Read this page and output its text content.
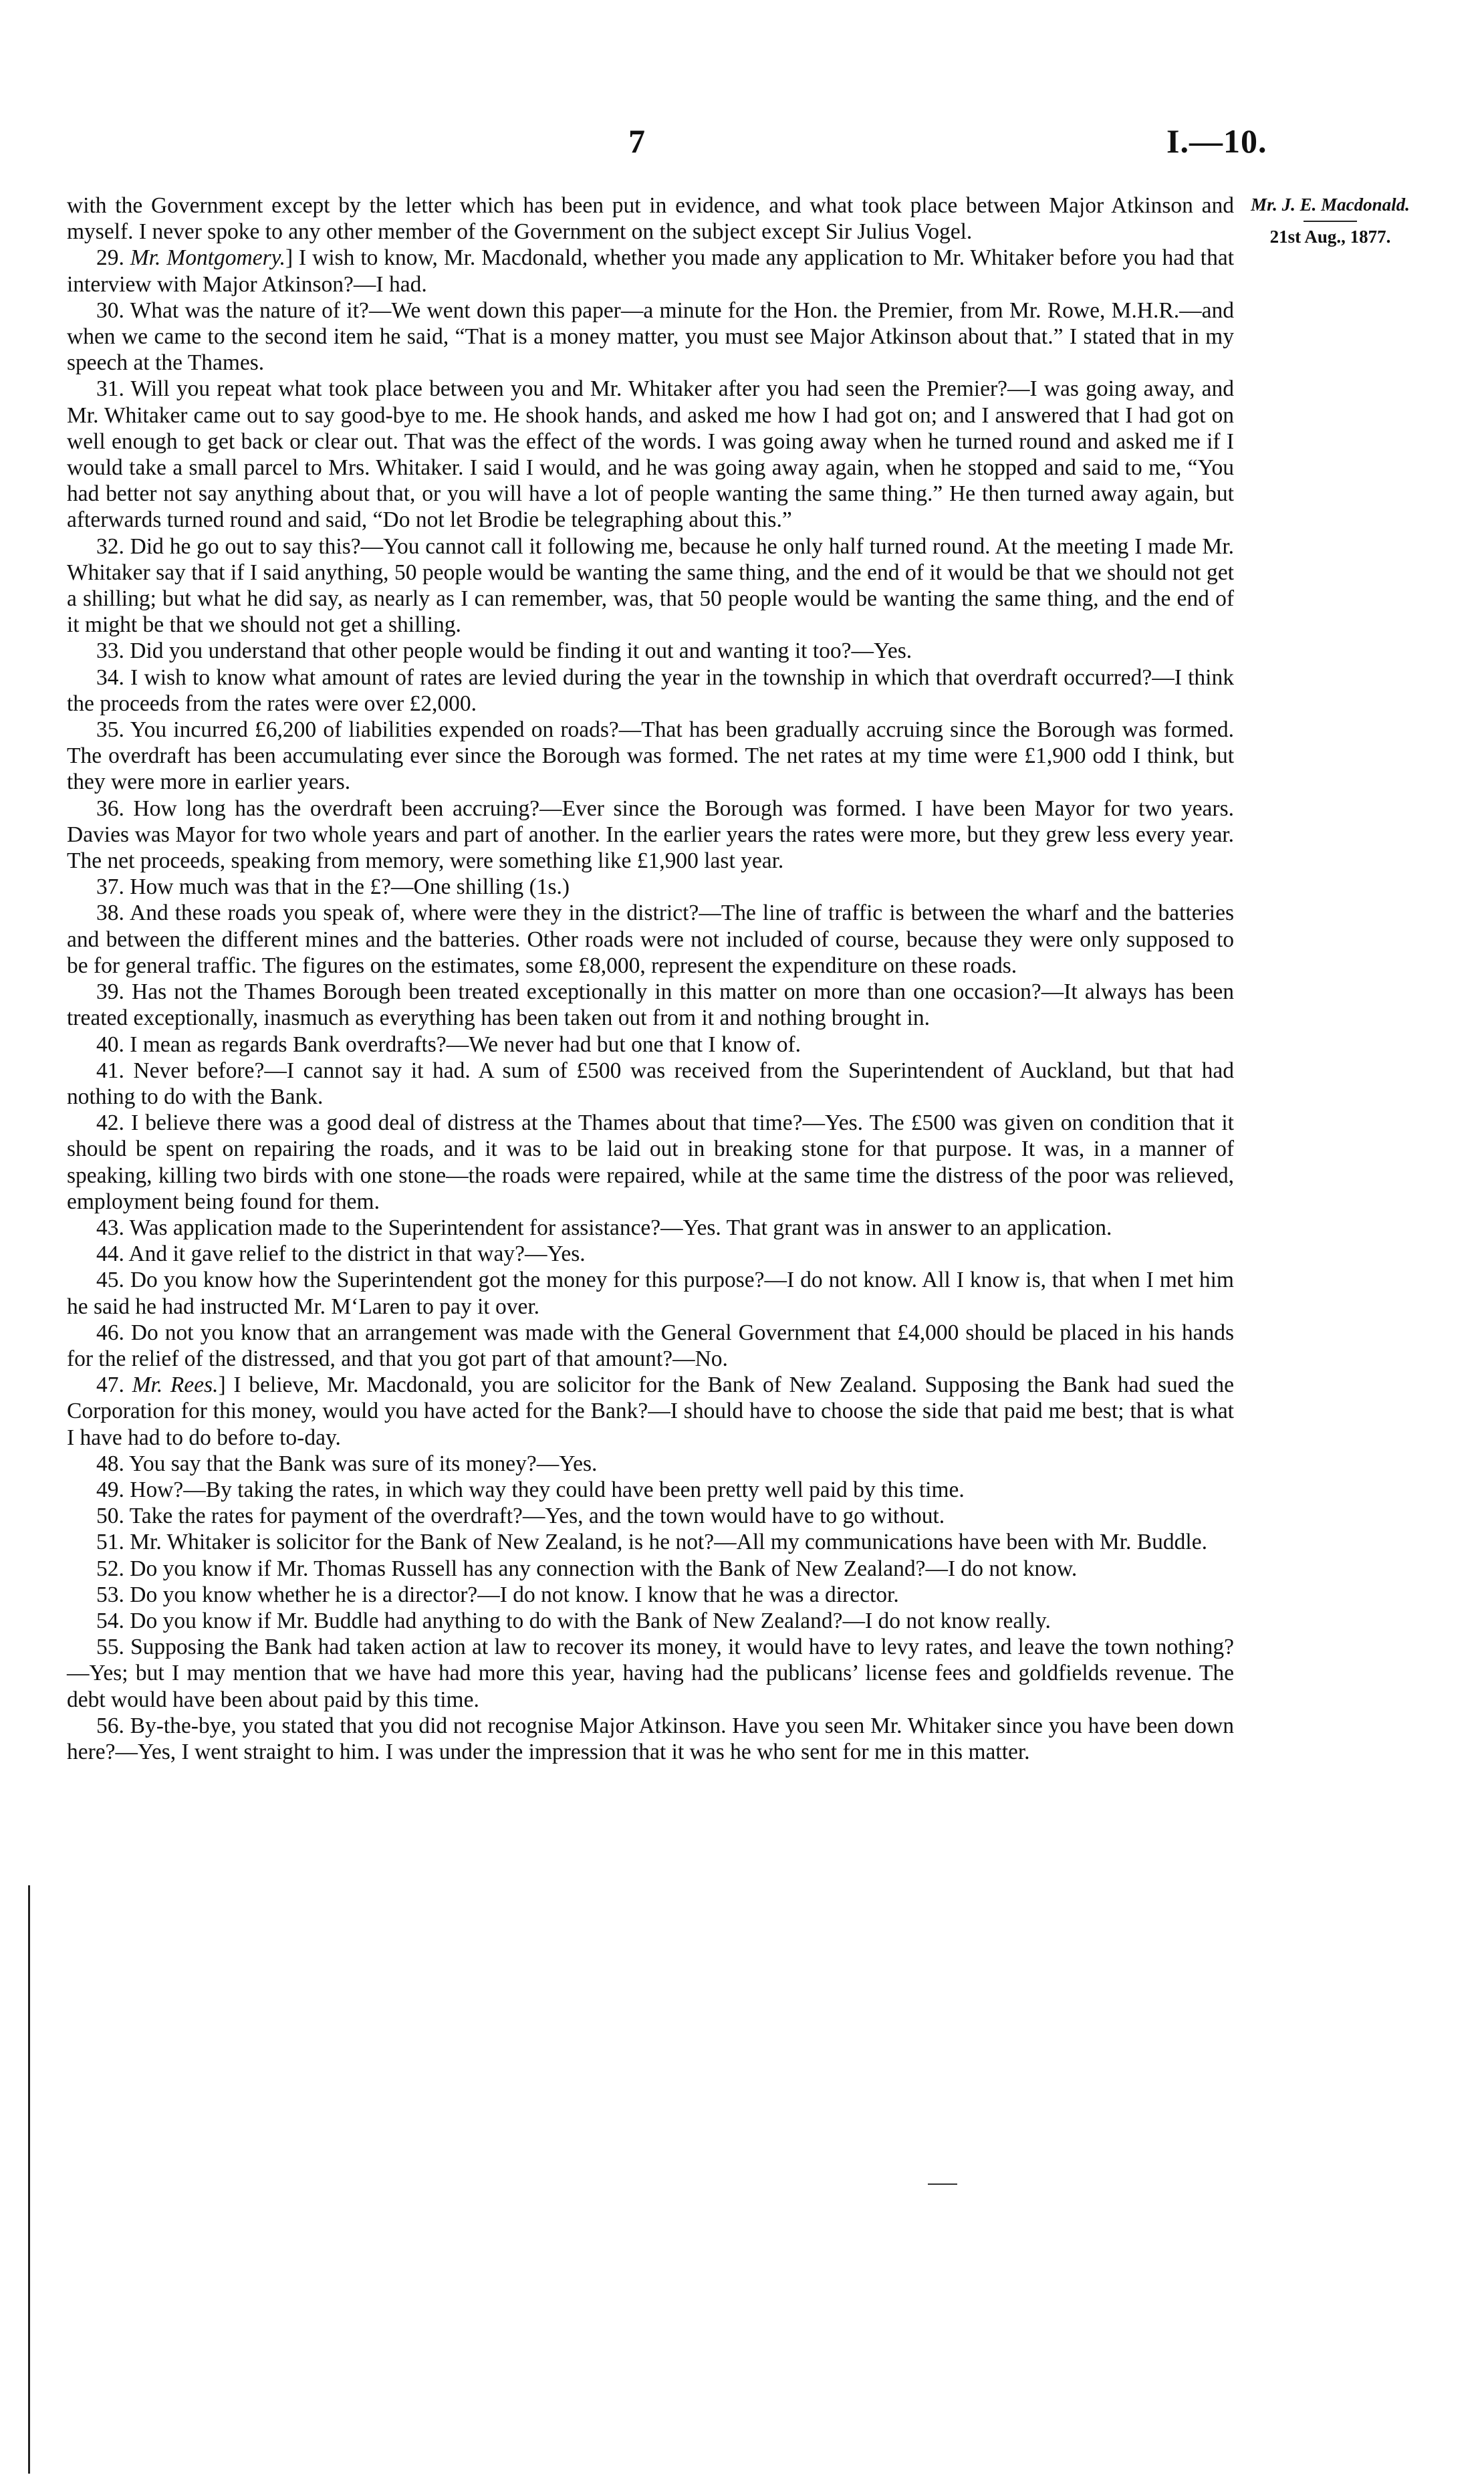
7	I.—10.
Mr. J. E. Macdonald.
21st Aug., 1877.

with the Government except by the letter which has been put in evidence, and what took place between Major Atkinson and myself. I never spoke to any other member of the Government on the subject except Sir Julius Vogel.

29. Mr. Montgomery.] I wish to know, Mr. Macdonald, whether you made any application to Mr. Whitaker before you had that interview with Major Atkinson?—I had.

30. What was the nature of it?—We went down this paper—a minute for the Hon. the Premier, from Mr. Rowe, M.H.R.—and when we came to the second item he said, “That is a money matter, you must see Major Atkinson about that.” I stated that in my speech at the Thames.

31. Will you repeat what took place between you and Mr. Whitaker after you had seen the Premier?—I was going away, and Mr. Whitaker came out to say good-bye to me. He shook hands, and asked me how I had got on; and I answered that I had got on well enough to get back or clear out. That was the effect of the words. I was going away when he turned round and asked me if I would take a small parcel to Mrs. Whitaker. I said I would, and he was going away again, when he stopped and said to me, “You had better not say anything about that, or you will have a lot of people wanting the same thing.” He then turned away again, but afterwards turned round and said, “Do not let Brodie be telegraphing about this.”

32. Did he go out to say this?—You cannot call it following me, because he only half turned round. At the meeting I made Mr. Whitaker say that if I said anything, 50 people would be wanting the same thing, and the end of it would be that we should not get a shilling; but what he did say, as nearly as I can remember, was, that 50 people would be wanting the same thing, and the end of it might be that we should not get a shilling.

33. Did you understand that other people would be finding it out and wanting it too?—Yes.

34. I wish to know what amount of rates are levied during the year in the township in which that overdraft occurred?—I think the proceeds from the rates were over £2,000.

35. You incurred £6,200 of liabilities expended on roads?—That has been gradually accruing since the Borough was formed. The overdraft has been accumulating ever since the Borough was formed. The net rates at my time were £1,900 odd I think, but they were more in earlier years.

36. How long has the overdraft been accruing?—Ever since the Borough was formed. I have been Mayor for two years. Davies was Mayor for two whole years and part of another. In the earlier years the rates were more, but they grew less every year. The net proceeds, speaking from memory, were something like £1,900 last year.

37. How much was that in the £?—One shilling (1s.)

38. And these roads you speak of, where were they in the district?—The line of traffic is between the wharf and the batteries and between the different mines and the batteries. Other roads were not included of course, because they were only supposed to be for general traffic. The figures on the estimates, some £8,000, represent the expenditure on these roads.

39. Has not the Thames Borough been treated exceptionally in this matter on more than one occasion?—It always has been treated exceptionally, inasmuch as everything has been taken out from it and nothing brought in.

40. I mean as regards Bank overdrafts?—We never had but one that I know of.

41. Never before?—I cannot say it had. A sum of £500 was received from the Superintendent of Auckland, but that had nothing to do with the Bank.

42. I believe there was a good deal of distress at the Thames about that time?—Yes. The £500 was given on condition that it should be spent on repairing the roads, and it was to be laid out in breaking stone for that purpose. It was, in a manner of speaking, killing two birds with one stone—the roads were repaired, while at the same time the distress of the poor was relieved, employment being found for them.

43. Was application made to the Superintendent for assistance?—Yes. That grant was in answer to an application.

44. And it gave relief to the district in that way?—Yes.

45. Do you know how the Superintendent got the money for this purpose?—I do not know. All I know is, that when I met him he said he had instructed Mr. M‘Laren to pay it over.

46. Do not you know that an arrangement was made with the General Government that £4,000 should be placed in his hands for the relief of the distressed, and that you got part of that amount?—No.

47. Mr. Rees.] I believe, Mr. Macdonald, you are solicitor for the Bank of New Zealand. Supposing the Bank had sued the Corporation for this money, would you have acted for the Bank?—I should have to choose the side that paid me best; that is what I have had to do before to-day.

48. You say that the Bank was sure of its money?—Yes.

49. How?—By taking the rates, in which way they could have been pretty well paid by this time.

50. Take the rates for payment of the overdraft?—Yes, and the town would have to go without.

51. Mr. Whitaker is solicitor for the Bank of New Zealand, is he not?—All my communications have been with Mr. Buddle.

52. Do you know if Mr. Thomas Russell has any connection with the Bank of New Zealand?—I do not know.

53. Do you know whether he is a director?—I do not know. I know that he was a director.

54. Do you know if Mr. Buddle had anything to do with the Bank of New Zealand?—I do not know really.

55. Supposing the Bank had taken action at law to recover its money, it would have to levy rates, and leave the town nothing?—Yes; but I may mention that we have had more this year, having had the publicans’ license fees and goldfields revenue. The debt would have been about paid by this time.

56. By-the-bye, you stated that you did not recognise Major Atkinson. Have you seen Mr. Whitaker since you have been down here?—Yes, I went straight to him. I was under the impression that it was he who sent for me in this matter.
